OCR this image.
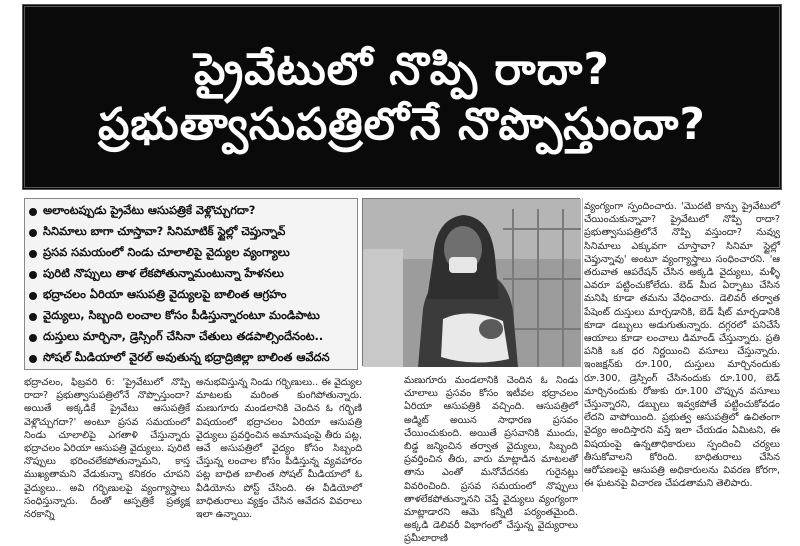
ప్రైవేటులో నొప్పి రాదా?
ప్రభుత్వాసుపత్రిలోనే నొప్పొస్తుందా?
అలాంటప్పుడు ప్రైవేటు ఆసుపత్రికే వెళ్లొచ్చుగదా?
సినిమాలు బాగా చూస్తావా? సినిమాటిక్ స్టైల్లో చెప్తున్నావ్
ప్రసవ సమయంలో నిండు చూలాలిపై వైద్యుల వ్యంగ్యాలు
పురిటి నొప్పులు తాళ లేకపోతున్నామంటున్నా హేళనలు
భద్రాచలం ఏరియా ఆసుపత్రి వైద్యులపై బాలింత ఆగ్రహం
వైద్యులు, సిబ్బంది లంచాల కోసం పీడిస్తున్నారంటూ మండిపాటు
దుస్తులు మార్చినా, డ్రెస్సింగ్ చేసినా చేతులు తడపాల్సిందేనంట..
సోషల్ మీడియాలో వైరల్ అవుతున్న భద్రాద్రిజిల్లా బాలింత ఆవేదన
భద్రాచలం, ఫిబ్రవరి 6: 'ప్రైవేటులో నొప్పి రాదా? ప్రభుత్వాసుపత్రిలోనే నొప్పొస్తుందా? అయితే అక్కడికే ప్రైవేటు ఆసుపత్రికే వెళ్లొచ్చుగదా?' అంటూ ప్రసవ సమయంలో నిండు చూలాలిపై ఎగతాళి చేస్తున్నారు భద్రాచలం ఏరియా ఆసుపత్రి వైద్యులు. పురిటి నొప్పులు భరించలేకపోతున్నామని, కాస్త ముఖ్యతామని వేడుకున్నా కనికరం చూపని వైద్యులు.. అవి గర్భిణులపై వ్యంగ్యాస్త్రాలు సంధిస్తున్నారు. దీంతో ఆస్పత్రికే ప్రత్యక్ష నరకాన్ని
అనుభవిస్తున్న నిండు గర్భిణులు.. ఈ వైద్యుల మాటలకు మరింత కుంగిపోతున్నారు. మణుగూరు మండలానికి చెందిన ఓ గర్భిణి విషయంలో భద్రాచలం ఏరియా ఆసుపత్రి వైద్యులు ప్రవర్తించిన అమానుషంపై తీరు పట్ల, ఆవే అసుపత్రిలో వైద్యం కోసం సిబ్బంది చేస్తున్న లంచాల కోసం పీడిస్తున్న వ్యవహారం పట్ల బాధిత బాలింత సోషల్ మీడియాలో ఓ వీడియోను పోస్ట్ చేసింది. ఈ వీడియోలో బాధితురాలు వ్యక్తం చేసిన ఆవేదన వివరాలు ఇలా ఉన్నాయి.
మణుగూరు మండలానికి చెందిన ఓ నిండు చూలాలు ప్రసవం కోసం ఇటీవల భద్రాచలం ఏరియా ఆసుపత్రికి వచ్చింది. ఆసుపత్రిలో అడ్మిట్ అయిన సాధారణ ప్రసవం చేయించుకుంది. అయితే ప్రసవానికి ముందు, బిడ్డ జన్మించిన తర్వాత వైద్యులు, సిబ్బంది ప్రవర్తించిన తీరు, వారు మాట్లాడిన మాటలతో తాను ఎంతో మనోవేదనకు గురైనట్లు వివరించింది. ప్రసవ సమయంలో నొప్పులు తాళలేకపోతున్నానని చెప్తే వైద్యులు వ్యంగ్యంగా మాట్లాడారని ఆమె కన్నీటి పర్యంతమైంది. అక్కడి డెలివరీ విభాగంలో చేస్తున్న వైద్యురాలు ప్రమీలారాణి
వ్యంగ్యంగా స్పందించారు. 'మొదటి కాన్పు ప్రైవేటులో చేయించుకున్నావా? ప్రైవేటులో నొప్పి రాదా? ప్రభుత్వాసుపత్రిలోనే నొప్పి వస్తుందా? నువ్వు సినిమాలు ఎక్కువగా చూస్తావా? సినిమా స్టైల్లో చెప్తున్నావు' అంటూ వ్యంగ్యాస్త్రాలు సంధించారని. 'ఆ తరువాత ఆపరేషన్ చేసిన అక్కడి వైద్యులు, మళ్ళీ ఎవరూ పట్టించుకోలేదు. బెడ్ మీద ఏర్పాటు చేసిన మనిషి కూడా తమను వేధించారు. డెలివరీ తర్వాత పేషెంట్ దుస్తులు మార్చడానికి, బెడ్ షీట్ మార్చడానికి కూడా డబ్బులు అడుగుతున్నారు. దగ్గరలో పనిచేసే ఆయాలు కూడా లంచాలు డిమాండ్ చేస్తున్నారు. ప్రతి పనికి ఒక ధర నిర్ణయించి వసూలు చేస్తున్నారు. ఇంజక్షన్‌కు రూ.100, దుస్తులు మార్చినందుకు రూ.300, డ్రెస్సింగ్ చేసినందుకు రూ.100, బెడ్ మార్చినందుకు రోజుకు రూ.100 చొప్పున వసూలు చేస్తున్నారని, డబ్బులు ఇవ్వకపోతే పట్టించుకోవడం లేదని వాపోయింది. ప్రభుత్వ ఆసుపత్రిలో ఉచితంగా వైద్యం అందిస్తారని వస్తే ఇలా చేయడం ఏమిటని, ఈ విషయంపై ఉన్నతాధికారులు స్పందించి చర్యలు తీసుకోవాలని కోరింది. బాధితురాలు చేసిన ఆరోపణలపై ఆసుపత్రి అధికారులను వివరణ కోరగా, ఈ ఘటనపై విచారణ చేపడతామని తెలిపారు.
